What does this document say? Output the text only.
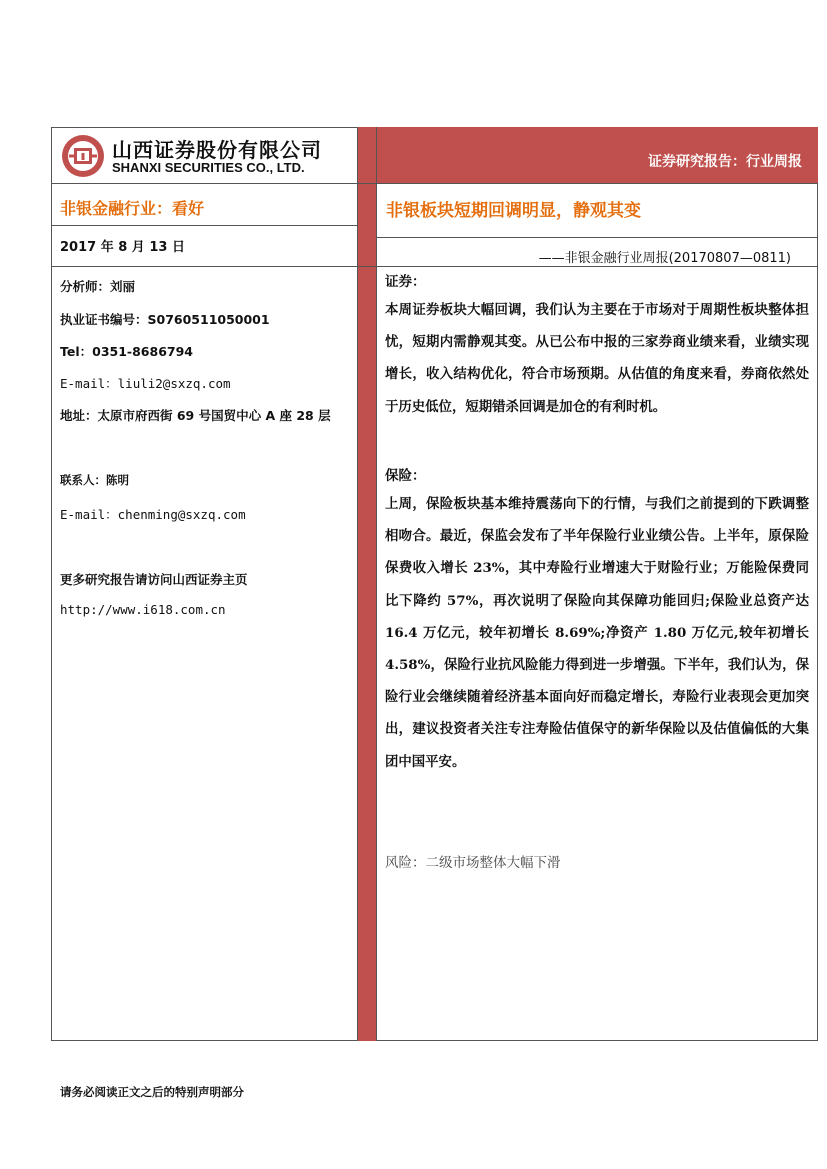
证券研究报告：行业周报
山西证券股份有限公司
SHANXI SECURITIES CO., LTD.
非银金融行业：看好	非银板块短期回调明显，静观其变
2017 年 8 月 13 日
——非银金融行业周报(20170807—0811)
分析师：刘丽
执业证书编号：S0760511050001
Tel：0351-8686794
E-mail：liuli2@sxzq.com
地址：太原市府西街 69 号国贸中心 A 座 28 层
联系人：陈明
E-mail：chenming@sxzq.com
更多研究报告请访问山西证券主页
http://www.i618.com.cn
证券：
本周证券板块大幅回调，我们认为主要在于市场对于周期性板块整体担忧，短期内需静观其变。从已公布中报的三家券商业绩来看，业绩实现增长，收入结构优化，符合市场预期。从估值的角度来看，券商依然处于历史低位，短期错杀回调是加仓的有利时机。
保险：
上周，保险板块基本维持震荡向下的行情，与我们之前提到的下跌调整相吻合。最近，保监会发布了半年保险行业业绩公告。上半年，原保险保费收入增长 23%，其中寿险行业增速大于财险行业；万能险保费同比下降约 57%，再次说明了保险向其保障功能回归;保险业总资产达 16.4 万亿元，较年初增长 8.69%;净资产 1.80 万亿元,较年初增长 4.58%，保险行业抗风险能力得到进一步增强。下半年，我们认为，保险行业会继续随着经济基本面向好而稳定增长，寿险行业表现会更加突出，建议投资者关注专注寿险估值保守的新华保险以及估值偏低的大集团中国平安。
风险：二级市场整体大幅下滑
请务必阅读正文之后的特别声明部分
